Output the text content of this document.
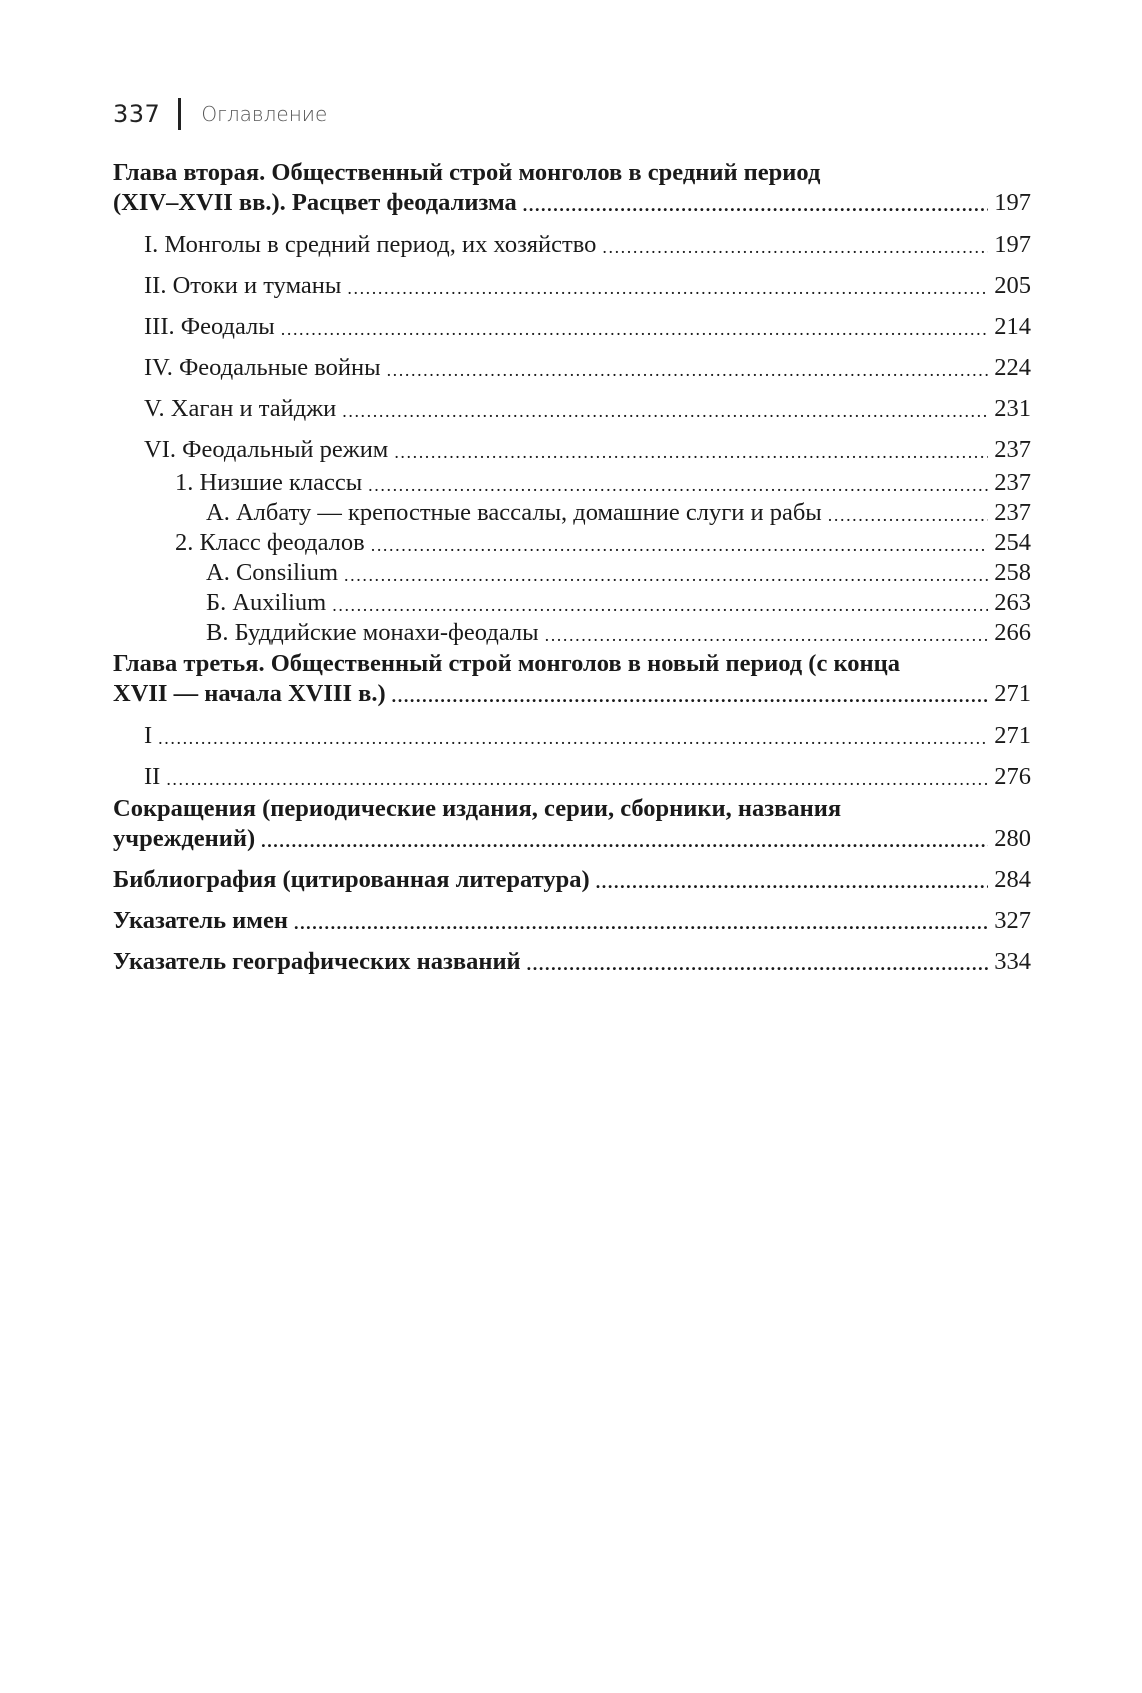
337 Оглавление
Глава вторая. Общественный строй монголов в средний период
(XIV–XVII вв.). Расцвет феодализма .....	197
I. Монголы в средний период, их хозяйство .....	197
II. Отоки и туманы .....	205
III. Феодалы .....	214
IV. Феодальные войны .....	224
V. Хаган и тайджи .....	231
VI. Феодальный режим .....	237
1. Низшие классы .....	237
А. Албату — крепостные вассалы, домашние слуги и рабы .....	237
2. Класс феодалов .....	254
А. Consilium .....	258
Б. Auxilium .....	263
В. Буддийские монахи-феодалы .....	266
Глава третья. Общественный строй монголов в новый период (с конца
XVII — начала XVIII в.) .....	271
I .....	271
II .....	276
Сокращения (периодические издания, серии, сборники, названия
учреждений) .....	280
Библиография (цитированная литература) .....	284
Указатель имен .....	327
Указатель географических названий .....	334
